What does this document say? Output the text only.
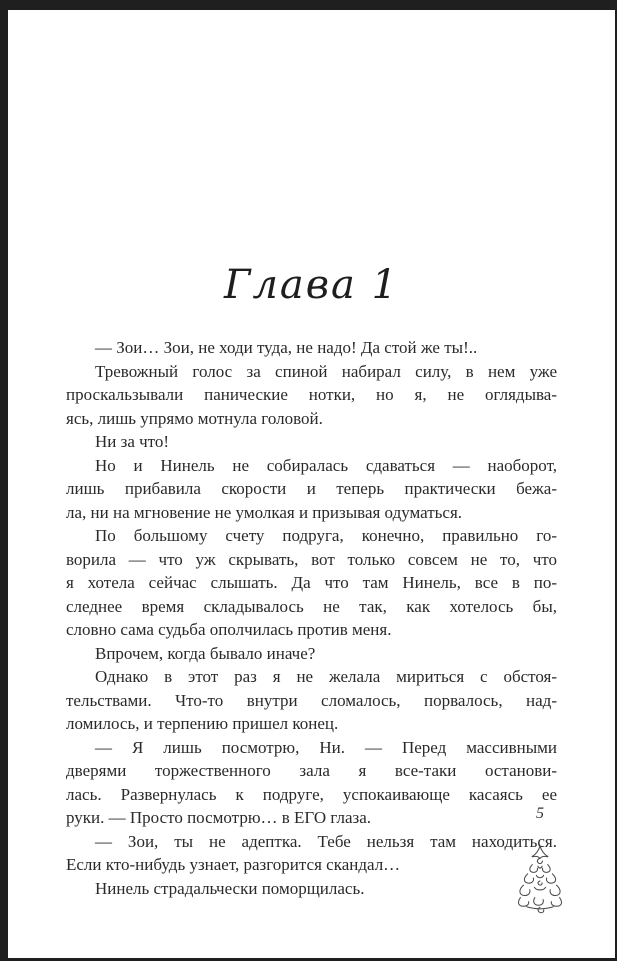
Глава 1
— Зои… Зои, не ходи туда, не надо! Да стой же ты!..
Тревожный голос за спиной набирал силу, в нем уже
проскальзывали панические нотки, но я, не оглядыва-
ясь, лишь упрямо мотнула головой.
Ни за что!
Но и Нинель не собиралась сдаваться — наоборот,
лишь прибавила скорости и теперь практически бежа-
ла, ни на мгновение не умолкая и призывая одуматься.
По большому счету подруга, конечно, правильно го-
ворила — что уж скрывать, вот только совсем не то, что
я хотела сейчас слышать. Да что там Нинель, все в по-
следнее время складывалось не так, как хотелось бы,
словно сама судьба ополчилась против меня.
Впрочем, когда бывало иначе?
Однако в этот раз я не желала мириться с обстоя-
тельствами. Что-то внутри сломалось, порвалось, над-
ломилось, и терпению пришел конец.
— Я лишь посмотрю, Ни. — Перед массивными
дверями торжественного зала я все-таки останови-
лась. Развернулась к подруге, успокаивающе касаясь ее
руки. — Просто посмотрю… в ЕГО глаза.
— Зои, ты не адептка. Тебе нельзя там находиться.
Если кто-нибудь узнает, разгорится скандал…
Нинель страдальчески поморщилась.
5
